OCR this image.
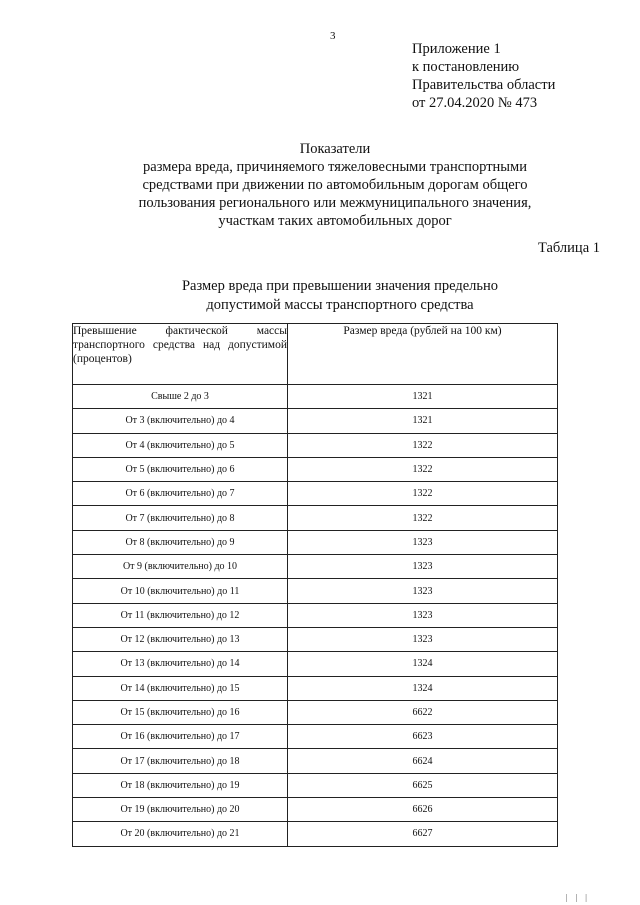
3
Приложение 1
к постановлению
Правительства области
от 27.04.2020 № 473
Показатели
размера вреда, причиняемого тяжеловесными транспортными
средствами при движении по автомобильным дорогам общего
пользования регионального или межмуниципального значения,
участкам таких автомобильных дорог
Таблица 1
Размер вреда при превышении значения предельно
допустимой массы транспортного средства
Превышение фактической массы транспортного средства над допустимой (процентов)	Размер вреда (рублей на 100 км)
Свыше 2 до 3	1321
От 3 (включительно) до 4	1321
От 4 (включительно) до 5	1322
От 5 (включительно) до 6	1322
От 6 (включительно) до 7	1322
От 7 (включительно) до 8	1322
От 8 (включительно) до 9	1323
От 9 (включительно) до 10	1323
От 10 (включительно) до 11	1323
От 11 (включительно) до 12	1323
От 12 (включительно) до 13	1323
От 13 (включительно) до 14	1324
От 14 (включительно) до 15	1324
От 15 (включительно) до 16	6622
От 16 (включительно) до 17	6623
От 17 (включительно) до 18	6624
От 18 (включительно) до 19	6625
От 19 (включительно) до 20	6626
От 20 (включительно) до 21	6627
| | |
